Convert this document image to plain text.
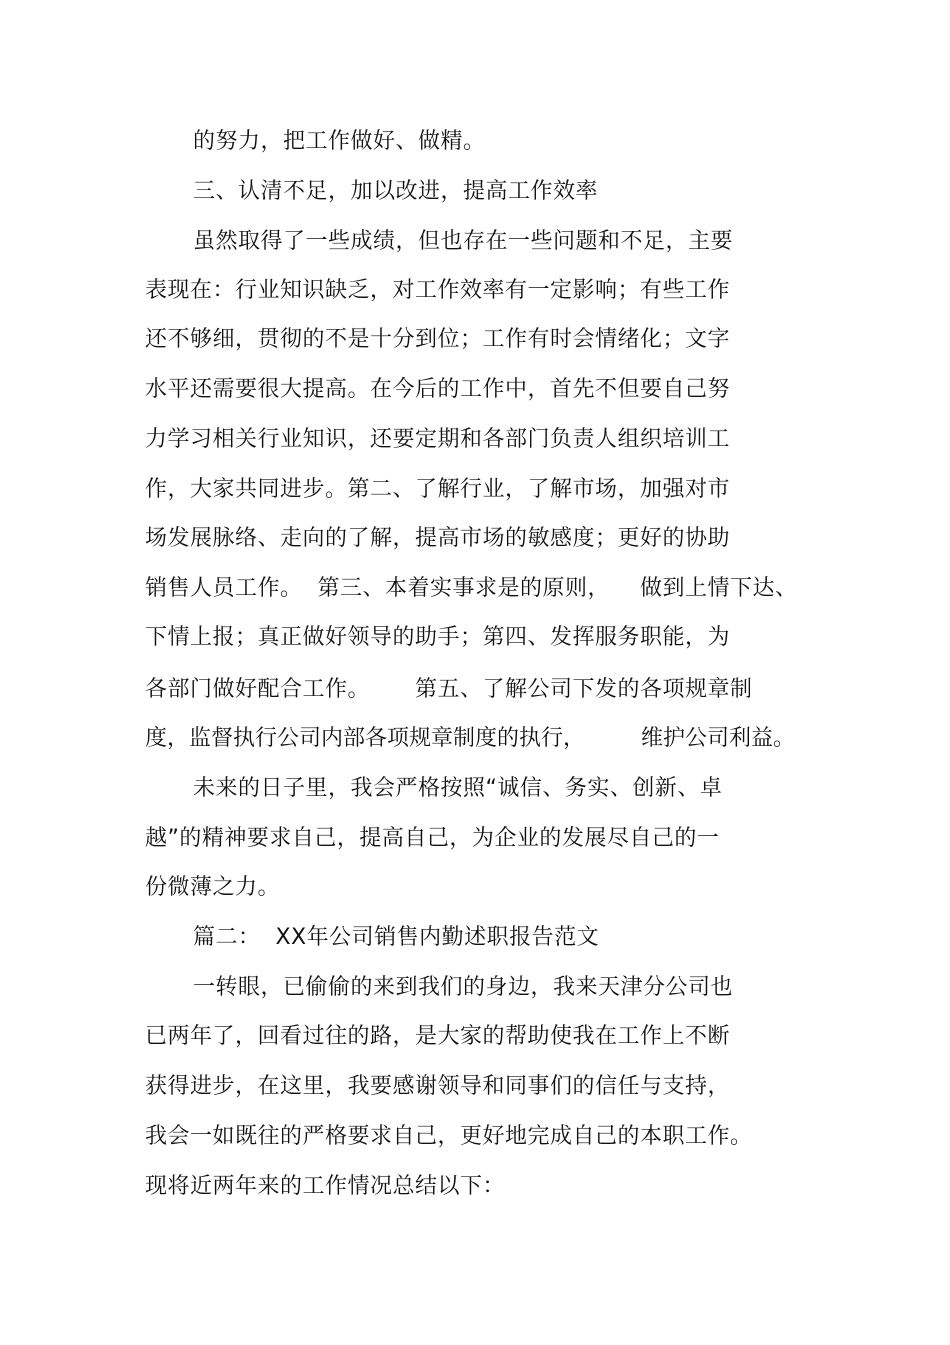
的努力，把工作做好、做精。
三、认清不足，加以改进，提高工作效率
虽然取得了一些成绩，但也存在一些问题和不足，主要
表现在：行业知识缺乏，对工作效率有一定影响；有些工作
还不够细，贯彻的不是十分到位；工作有时会情绪化；文字
水平还需要很大提高。在今后的工作中，首先不但要自己努
力学习相关行业知识，还要定期和各部门负责人组织培训工
作，大家共同进步。第二、了解行业，了解市场，加强对市
场发展脉络、走向的了解，提高市场的敏感度；更好的协助
销售人员工作。  第三、本着实事求是的原则，    做到上情下达、
下情上报；真正做好领导的助手；第四、发挥服务职能，为
各部门做好配合工作。      第五、了解公司下发的各项规章制
度，监督执行公司内部各项规章制度的执行，        维护公司利益。
未来的日子里，我会严格按照“诚信、务实、创新、卓
越”的精神要求自己，提高自己，为企业的发展尽自己的一
份微薄之力。
篇二：  XX年公司销售内勤述职报告范文
一转眼，已偷偷的来到我们的身边，我来天津分公司也
已两年了，回看过往的路，是大家的帮助使我在工作上不断
获得进步，在这里，我要感谢领导和同事们的信任与支持，
我会一如既往的严格要求自己，更好地完成自己的本职工作。
现将近两年来的工作情况总结以下：
